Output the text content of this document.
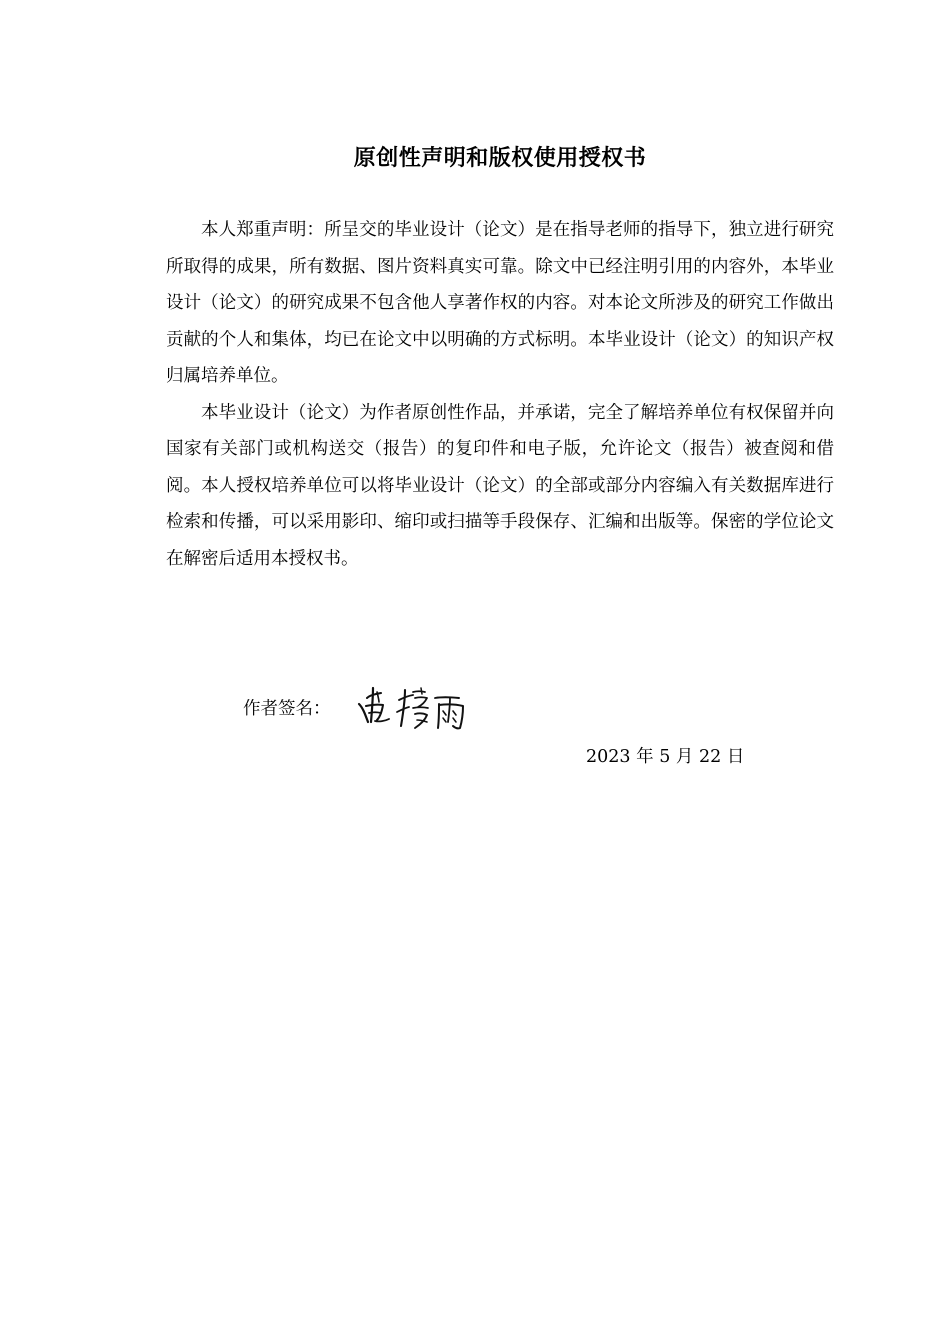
原创性声明和版权使用授权书

本人郑重声明：所呈交的毕业设计（论文）是在指导老师的指导下，独立进行研究所取得的成果，所有数据、图片资料真实可靠。除文中已经注明引用的内容外，本毕业设计（论文）的研究成果不包含他人享著作权的内容。对本论文所涉及的研究工作做出贡献的个人和集体，均已在论文中以明确的方式标明。本毕业设计（论文）的知识产权归属培养单位。

本毕业设计（论文）为作者原创性作品，并承诺，完全了解培养单位有权保留并向国家有关部门或机构送交（报告）的复印件和电子版，允许论文（报告）被查阅和借阅。本人授权培养单位可以将毕业设计（论文）的全部或部分内容编入有关数据库进行检索和传播，可以采用影印、缩印或扫描等手段保存、汇编和出版等。保密的学位论文在解密后适用本授权书。

作者签名：
2023 年 5 月 22 日
